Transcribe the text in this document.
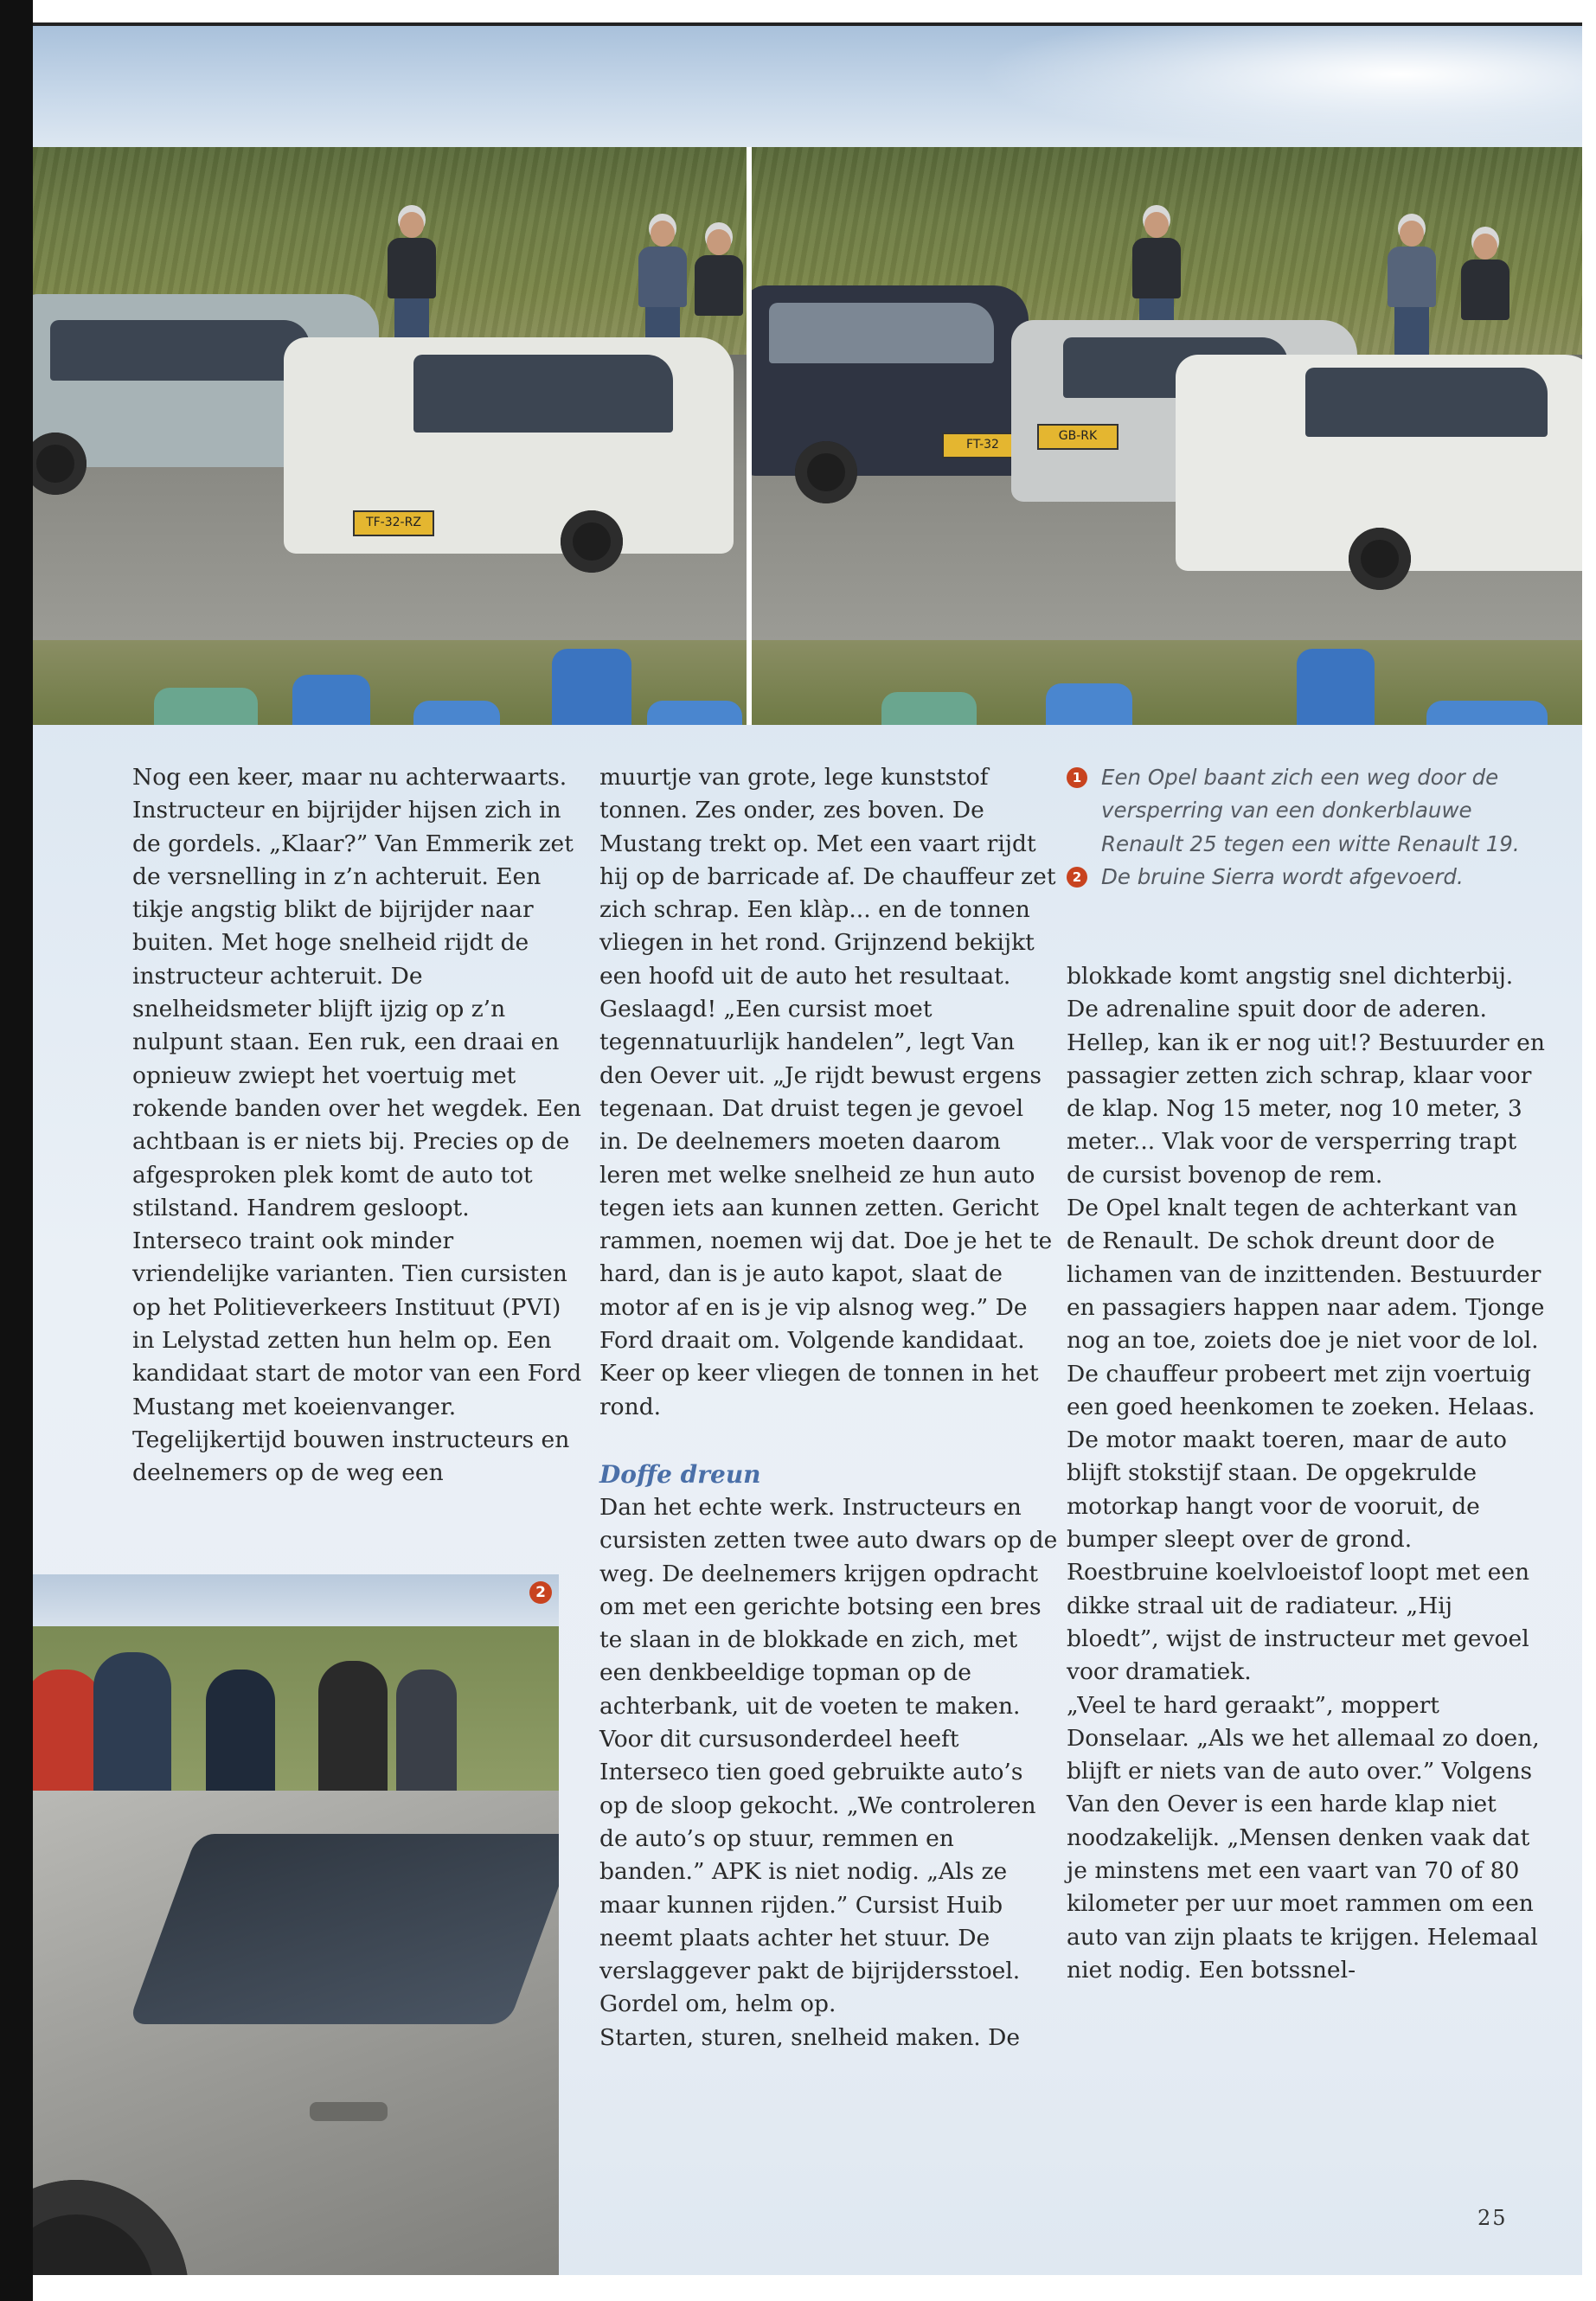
TF-32-RZ
FT-32
GB-RK

Nog een keer, maar nu achterwaarts. Instructeur en bijrijder hijsen zich in de gordels. „Klaar?” Van Emmerik zet de versnelling in z’n achteruit. Een tikje angstig blikt de bijrijder naar buiten. Met hoge snelheid rijdt de instructeur achteruit. De snelheidsmeter blijft ijzig op z’n nulpunt staan. Een ruk, een draai en opnieuw zwiept het voertuig met rokende banden over het wegdek. Een achtbaan is er niets bij. Precies op de afgesproken plek komt de auto tot stilstand. Handrem gesloopt.

Interseco traint ook minder vriendelijke varianten. Tien cursisten op het Politieverkeers Instituut (PVI) in Lelystad zetten hun helm op. Een kandidaat start de motor van een Ford Mustang met koeienvanger. Tegelijkertijd bouwen instructeurs en deelnemers op de weg een

muurtje van grote, lege kunststof tonnen. Zes onder, zes boven. De Mustang trekt op. Met een vaart rijdt hij op de barricade af. De chauffeur zet zich schrap. Een klàp... en de tonnen vliegen in het rond. Grijnzend bekijkt een hoofd uit de auto het resultaat. Geslaagd! „Een cursist moet tegennatuurlijk handelen”, legt Van den Oever uit. „Je rijdt bewust ergens tegenaan. Dat druist tegen je gevoel in. De deelnemers moeten daarom leren met welke snelheid ze hun auto tegen iets aan kunnen zetten. Gericht rammen, noemen wij dat. Doe je het te hard, dan is je auto kapot, slaat de motor af en is je vip alsnog weg.” De Ford draait om. Volgende kandidaat. Keer op keer vliegen de tonnen in het rond.

Doffe dreun

Dan het echte werk. Instructeurs en cursisten zetten twee auto dwars op de weg. De deelnemers krijgen opdracht om met een gerichte botsing een bres te slaan in de blokkade en zich, met een denkbeeldige topman op de achterbank, uit de voeten te maken.

Voor dit cursusonderdeel heeft Interseco tien goed gebruikte auto’s op de sloop gekocht. „We controleren de auto’s op stuur, remmen en banden.” APK is niet nodig. „Als ze maar kunnen rijden.” Cursist Huib neemt plaats achter het stuur. De verslaggever pakt de bijrijdersstoel. Gordel om, helm op.

Starten, sturen, snelheid maken. De

1 Een Opel baant zich een weg door de versperring van een donkerblauwe Renault 25 tegen een witte Renault 19.

2 De bruine Sierra wordt afgevoerd.

blokkade komt angstig snel dichterbij. De adrenaline spuit door de aderen. Hellep, kan ik er nog uit!? Bestuurder en passagier zetten zich schrap, klaar voor de klap. Nog 15 meter, nog 10 meter, 3 meter... Vlak voor de versperring trapt de cursist bovenop de rem.

De Opel knalt tegen de achterkant van de Renault. De schok dreunt door de lichamen van de inzittenden. Bestuurder en passagiers happen naar adem. Tjonge nog an toe, zoiets doe je niet voor de lol. De chauffeur probeert met zijn voertuig een goed heenkomen te zoeken. Helaas. De motor maakt toeren, maar de auto blijft stokstijf staan. De opgekrulde motorkap hangt voor de vooruit, de bumper sleept over de grond. Roestbruine koelvloeistof loopt met een dikke straal uit de radiateur. „Hij bloedt”, wijst de instructeur met gevoel voor dramatiek.

„Veel te hard geraakt”, moppert Donselaar. „Als we het allemaal zo doen, blijft er niets van de auto over.” Volgens Van den Oever is een harde klap niet noodzakelijk. „Mensen denken vaak dat je minstens met een vaart van 70 of 80 kilometer per uur moet rammen om een auto van zijn plaats te krijgen. Helemaal niet nodig. Een botssnel-

2
25
